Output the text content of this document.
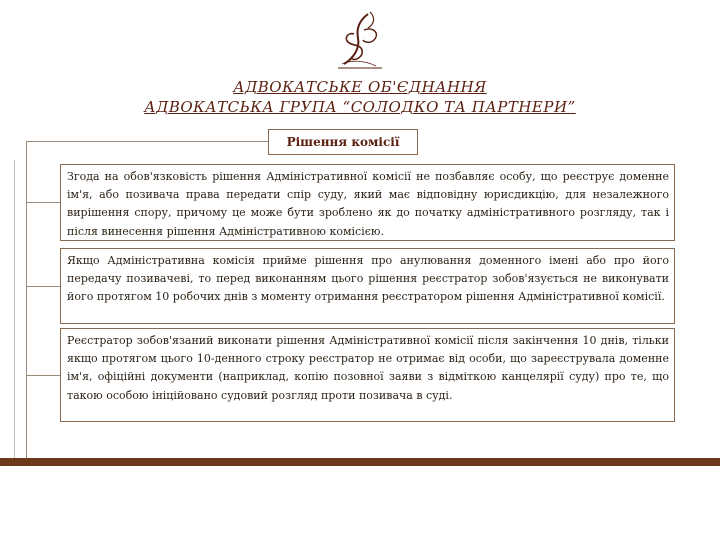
АДВОКАТСЬКЕ ОБ'ЄДНАННЯ
АДВОКАТСЬКА ГРУПА “СОЛОДКО ТА ПАРТНЕРИ”
Рішення комісії
Згода на обов'язковість рішення Адміністративної комісії не позбавляє особу, що реєструє доменне ім'я, або позивача права передати спір суду, який має відповідну юрисдикцію, для незалежного вирішення спору, причому це може бути зроблено як до початку адміністративного розгляду, так і після винесення рішення Адміністративною комісією.
Якщо Адміністративна комісія прийме рішення про анулювання доменного імені або про його передачу позивачеві, то перед виконанням цього рішення реєстратор зобов'язується не виконувати його протягом 10 робочих днів з моменту отримання реєстратором рішення Адміністративної комісії.
Реєстратор зобов'язаний виконати рішення Адміністративної комісії після закінчення 10 днів, тільки якщо протягом цього 10-денного строку реєстратор не отримає від особи, що зареєструвала доменне ім'я, офіційні документи (наприклад, копію позовної заяви з відміткою канцелярії суду) про те, що такою особою ініційовано судовий розгляд проти позивача в суді.
